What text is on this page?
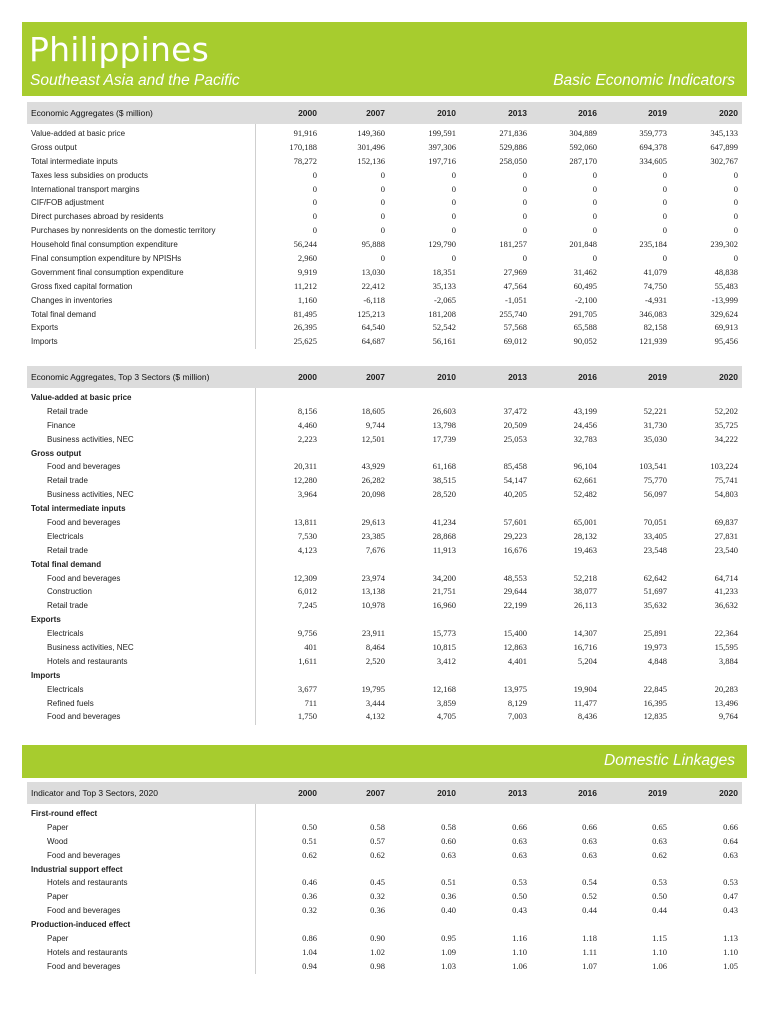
Philippines
Southeast Asia and the Pacific	Basic Economic Indicators
Economic Aggregates ($ million)	2000	2007	2010	2013	2016	2019	2020
Value-added at basic price	91,916	149,360	199,591	271,836	304,889	359,773	345,133
Gross output	170,188	301,496	397,306	529,886	592,060	694,378	647,899
Total intermediate inputs	78,272	152,136	197,716	258,050	287,170	334,605	302,767
Taxes less subsidies on products	0	0	0	0	0	0	0
International transport margins	0	0	0	0	0	0	0
CIF/FOB adjustment	0	0	0	0	0	0	0
Direct purchases abroad by residents	0	0	0	0	0	0	0
Purchases by nonresidents on the domestic territory	0	0	0	0	0	0	0
Household final consumption expenditure	56,244	95,888	129,790	181,257	201,848	235,184	239,302
Final consumption expenditure by NPISHs	2,960	0	0	0	0	0	0
Government final consumption expenditure	9,919	13,030	18,351	27,969	31,462	41,079	48,838
Gross fixed capital formation	11,212	22,412	35,133	47,564	60,495	74,750	55,483
Changes in inventories	1,160	-6,118	-2,065	-1,051	-2,100	-4,931	-13,999
Total final demand	81,495	125,213	181,208	255,740	291,705	346,083	329,624
Exports	26,395	64,540	52,542	57,568	65,588	82,158	69,913
Imports	25,625	64,687	56,161	69,012	90,052	121,939	95,456
Economic Aggregates, Top 3 Sectors ($ million)	2000	2007	2010	2013	2016	2019	2020
Value-added at basic price
Retail trade	8,156	18,605	26,603	37,472	43,199	52,221	52,202
Finance	4,460	9,744	13,798	20,509	24,456	31,730	35,725
Business activities, NEC	2,223	12,501	17,739	25,053	32,783	35,030	34,222
Gross output
Food and beverages	20,311	43,929	61,168	85,458	96,104	103,541	103,224
Retail trade	12,280	26,282	38,515	54,147	62,661	75,770	75,741
Business activities, NEC	3,964	20,098	28,520	40,205	52,482	56,097	54,803
Total intermediate inputs
Food and beverages	13,811	29,613	41,234	57,601	65,001	70,051	69,837
Electricals	7,530	23,385	28,868	29,223	28,132	33,405	27,831
Retail trade	4,123	7,676	11,913	16,676	19,463	23,548	23,540
Total final demand
Food and beverages	12,309	23,974	34,200	48,553	52,218	62,642	64,714
Construction	6,012	13,138	21,751	29,644	38,077	51,697	41,233
Retail trade	7,245	10,978	16,960	22,199	26,113	35,632	36,632
Exports
Electricals	9,756	23,911	15,773	15,400	14,307	25,891	22,364
Business activities, NEC	401	8,464	10,815	12,863	16,716	19,973	15,595
Hotels and restaurants	1,611	2,520	3,412	4,401	5,204	4,848	3,884
Imports
Electricals	3,677	19,795	12,168	13,975	19,904	22,845	20,283
Refined fuels	711	3,444	3,859	8,129	11,477	16,395	13,496
Food and beverages	1,750	4,132	4,705	7,003	8,436	12,835	9,764
Domestic Linkages
Indicator and Top 3 Sectors, 2020	2000	2007	2010	2013	2016	2019	2020
First-round effect
Paper	0.50	0.58	0.58	0.66	0.66	0.65	0.66
Wood	0.51	0.57	0.60	0.63	0.63	0.63	0.64
Food and beverages	0.62	0.62	0.63	0.63	0.63	0.62	0.63
Industrial support effect
Hotels and restaurants	0.46	0.45	0.51	0.53	0.54	0.53	0.53
Paper	0.36	0.32	0.36	0.50	0.52	0.50	0.47
Food and beverages	0.32	0.36	0.40	0.43	0.44	0.44	0.43
Production-induced effect
Paper	0.86	0.90	0.95	1.16	1.18	1.15	1.13
Hotels and restaurants	1.04	1.02	1.09	1.10	1.11	1.10	1.10
Food and beverages	0.94	0.98	1.03	1.06	1.07	1.06	1.05
